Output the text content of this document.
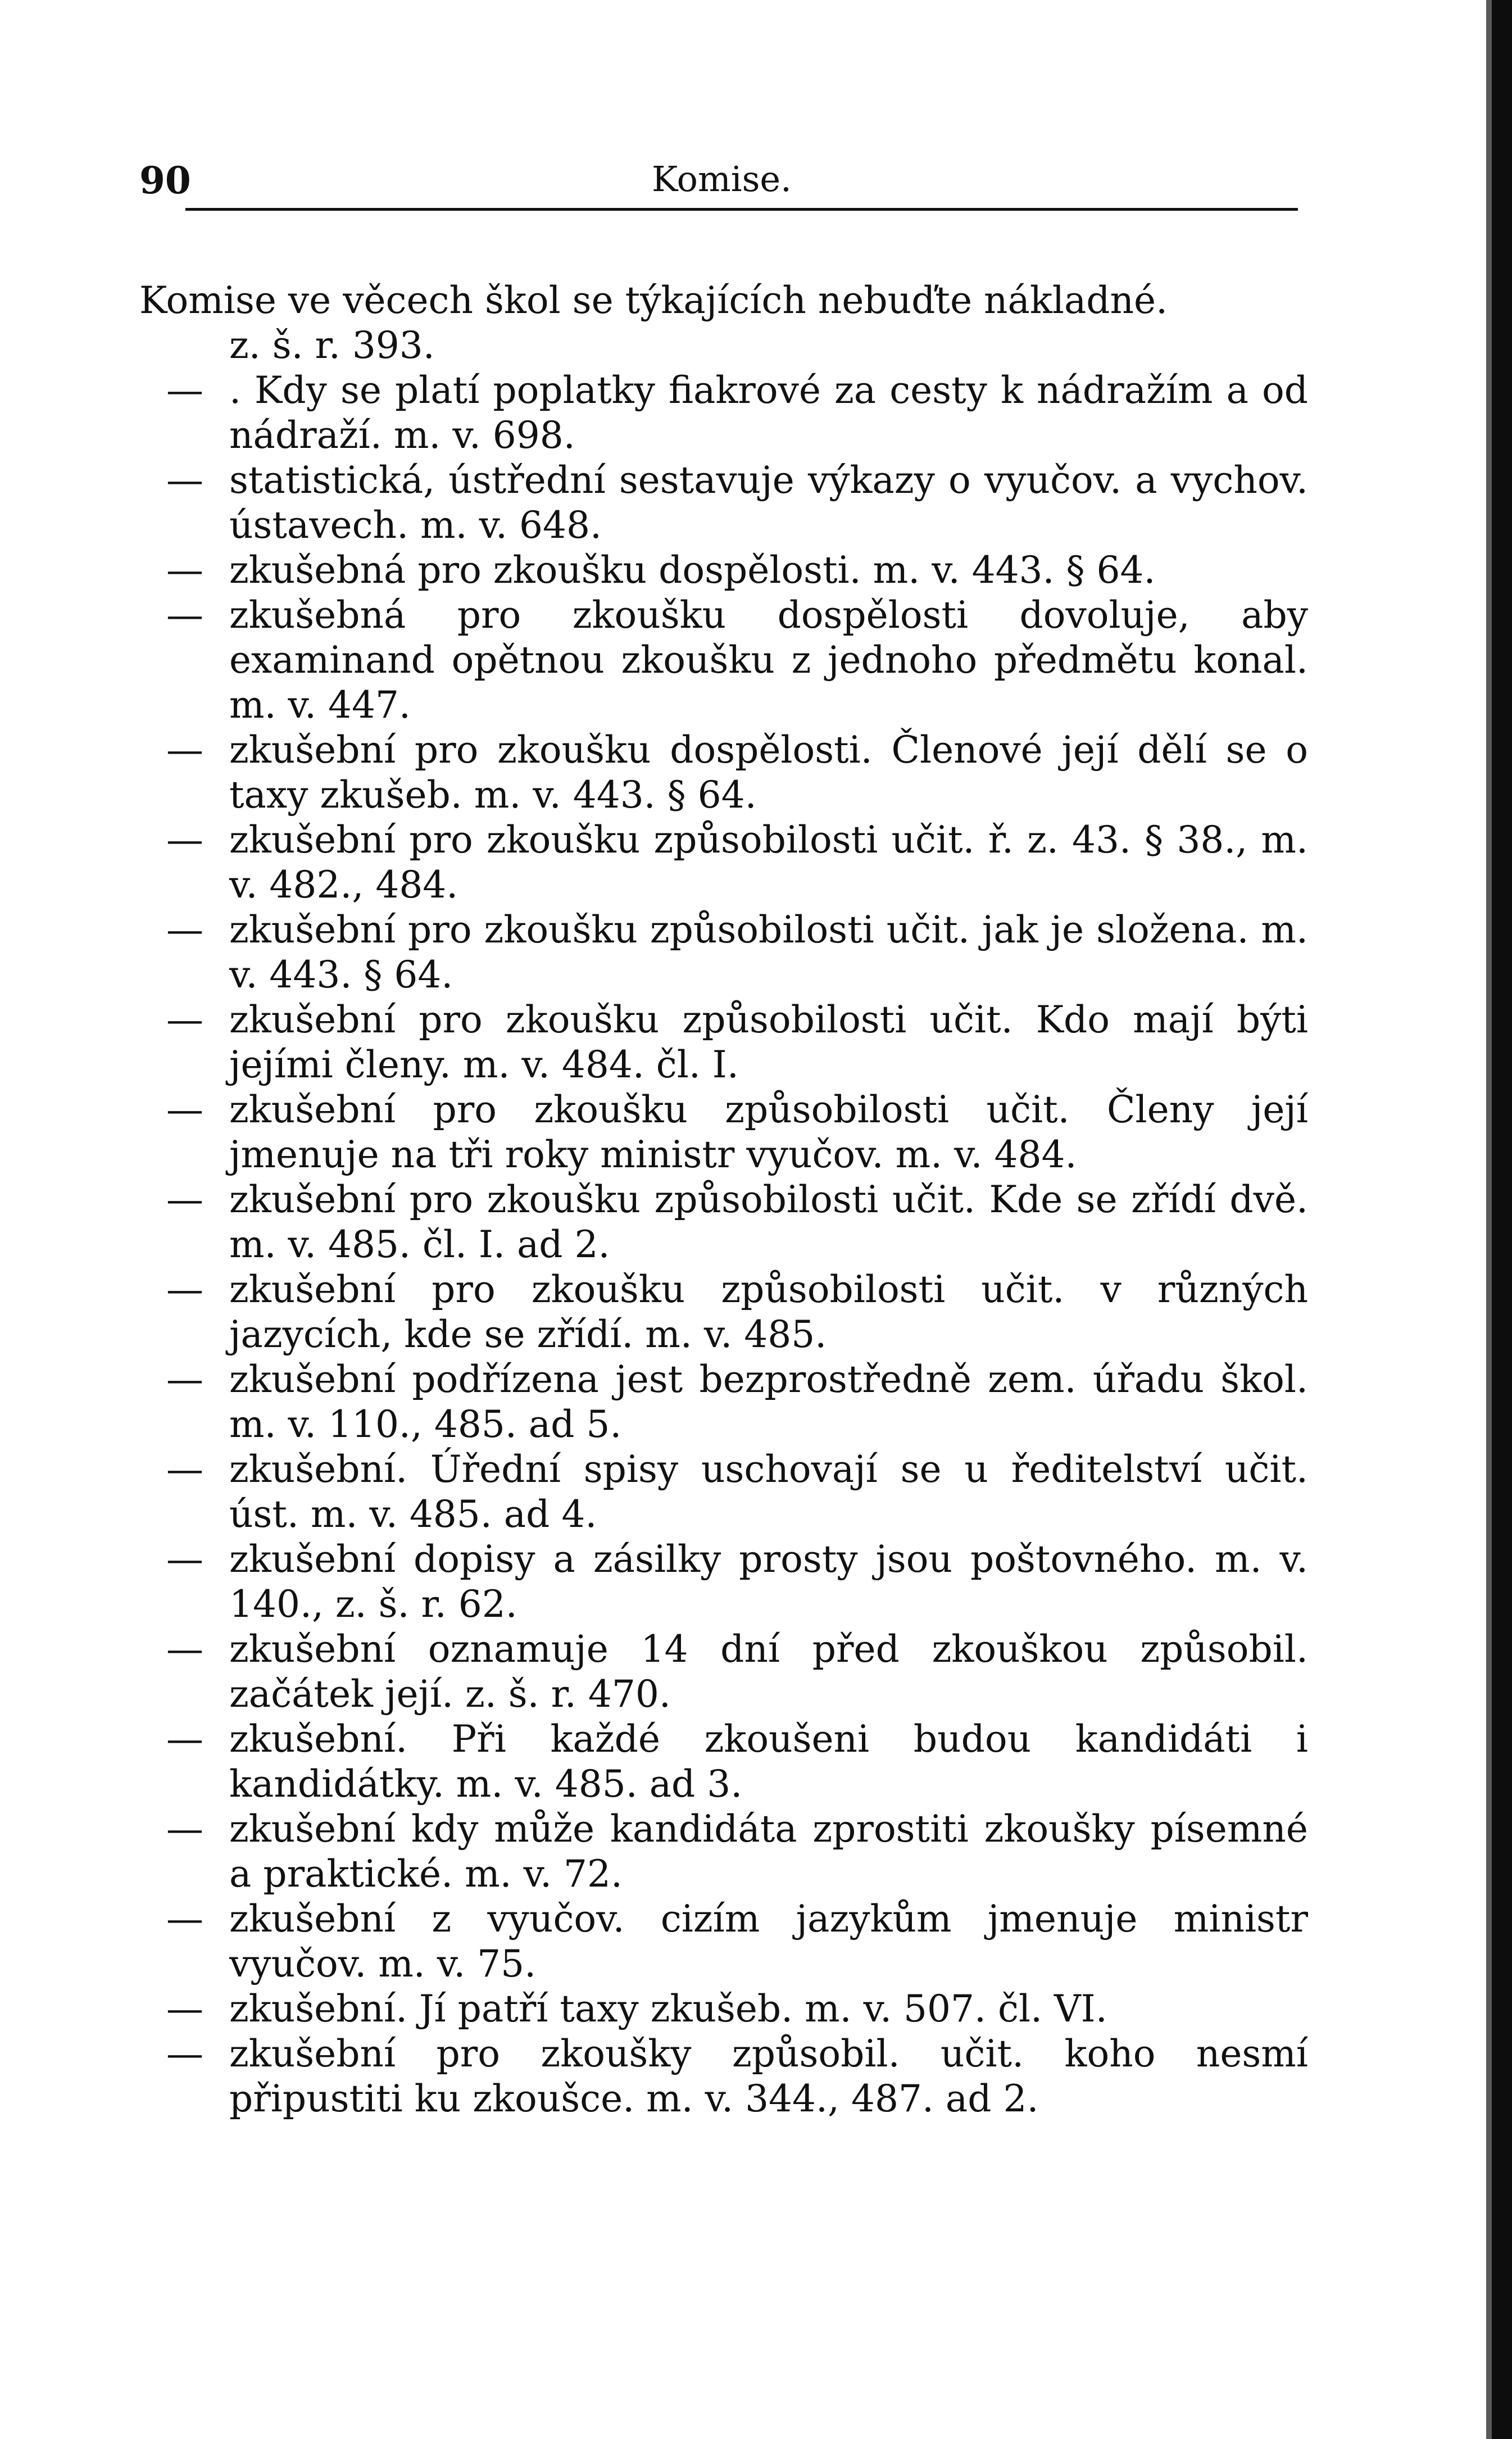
90	Komise.
Komise ve věcech škol se týkajících nebuďte nákladné.
z. š. r. 393.
— . Kdy se platí poplatky fiakrové za cesty k nádražím a od nádraží. m. v. 698.
— statistická, ústřední sestavuje výkazy o vyučov. a vychov. ústavech. m. v. 648.
— zkušebná pro zkoušku dospělosti. m. v. 443. § 64.
— zkušebná pro zkoušku dospělosti dovoluje, aby examinand opětnou zkoušku z jednoho předmětu konal. m. v. 447.
— zkušební pro zkoušku dospělosti. Členové její dělí se o taxy zkušeb. m. v. 443. § 64.
— zkušební pro zkoušku způsobilosti učit. ř. z. 43. § 38., m. v. 482., 484.
— zkušební pro zkoušku způsobilosti učit. jak je složena. m. v. 443. § 64.
— zkušební pro zkoušku způsobilosti učit. Kdo mají býti jejími členy. m. v. 484. čl. I.
— zkušební pro zkoušku způsobilosti učit. Členy její jmenuje na tři roky ministr vyučov. m. v. 484.
— zkušební pro zkoušku způsobilosti učit. Kde se zřídí dvě. m. v. 485. čl. I. ad 2.
— zkušební pro zkoušku způsobilosti učit. v různých jazycích, kde se zřídí. m. v. 485.
— zkušební podřízena jest bezprostředně zem. úřadu škol. m. v. 110., 485. ad 5.
— zkušební. Úřední spisy uschovají se u ředitelství učit. úst. m. v. 485. ad 4.
— zkušební dopisy a zásilky prosty jsou poštovného. m. v. 140., z. š. r. 62.
— zkušební oznamuje 14 dní před zkouškou způsobil. začátek její. z. š. r. 470.
— zkušební. Při každé zkoušeni budou kandidáti i kandidátky. m. v. 485. ad 3.
— zkušební kdy může kandidáta zprostiti zkoušky písemné a praktické. m. v. 72.
— zkušební z vyučov. cizím jazykům jmenuje ministr vyučov. m. v. 75.
— zkušební. Jí patří taxy zkušeb. m. v. 507. čl. VI.
— zkušební pro zkoušky způsobil. učit. koho nesmí připustiti ku zkoušce. m. v. 344., 487. ad 2.
